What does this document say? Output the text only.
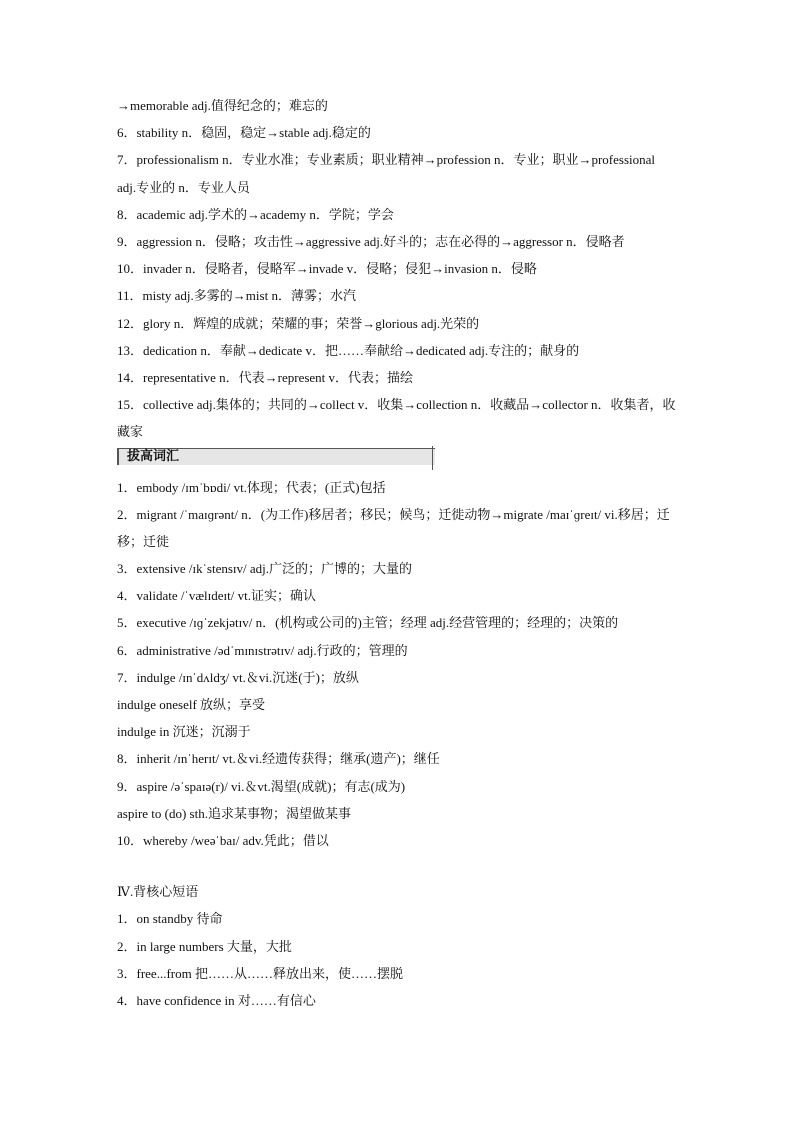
→memorable adj.值得纪念的；难忘的
6．stability n．稳固，稳定→stable adj.稳定的
7．professionalism n．专业水准；专业素质；职业精神→profession n．专业；职业→professional adj.专业的 n．专业人员
8．academic adj.学术的→academy n．学院；学会
9．aggression n．侵略；攻击性→aggressive adj.好斗的；志在必得的→aggressor n．侵略者
10．invader n．侵略者，侵略军→invade v．侵略；侵犯→invasion n．侵略
11．misty adj.多雾的→mist n．薄雾；水汽
12．glory n．辉煌的成就；荣耀的事；荣誉→glorious adj.光荣的
13．dedication n．奉献→dedicate v．把……奉献给→dedicated adj.专注的；献身的
14．representative n．代表→represent v．代表；描绘
15．collective adj.集体的；共同的→collect v．收集→collection n．收藏品→collector n．收集者，收藏家
拔高词汇
1．embody /ɪmˈbɒdi/ vt.体现；代表；(正式)包括
2．migrant /ˈmaɪɡrənt/ n．(为工作)移居者；移民；候鸟；迁徙动物→migrate /maɪˈɡreɪt/ vi.移居；迁移；迁徙
3．extensive /ɪkˈstensɪv/ adj.广泛的；广博的；大量的
4．validate /ˈvælɪdeɪt/ vt.证实；确认
5．executive /ɪɡˈzekjətɪv/ n．(机构或公司的)主管；经理 adj.经营管理的；经理的；决策的
6．administrative /ədˈmɪnɪstrətɪv/ adj.行政的；管理的
7．indulge /ɪnˈdʌldʒ/ vt.＆vi.沉迷(于)；放纵
indulge oneself 放纵；享受
indulge in 沉迷；沉溺于
8．inherit /ɪnˈherɪt/ vt.＆vi.经遗传获得；继承(遗产)；继任
9．aspire /əˈspaɪə(r)/ vi.＆vt.渴望(成就)；有志(成为)
aspire to (do) sth.追求某事物；渴望做某事
10．whereby /weəˈbaɪ/ adv.凭此；借以
Ⅳ.背核心短语
1．on standby 待命
2．in large numbers 大量，大批
3．free...from 把……从……释放出来，使……摆脱
4．have confidence in 对……有信心
